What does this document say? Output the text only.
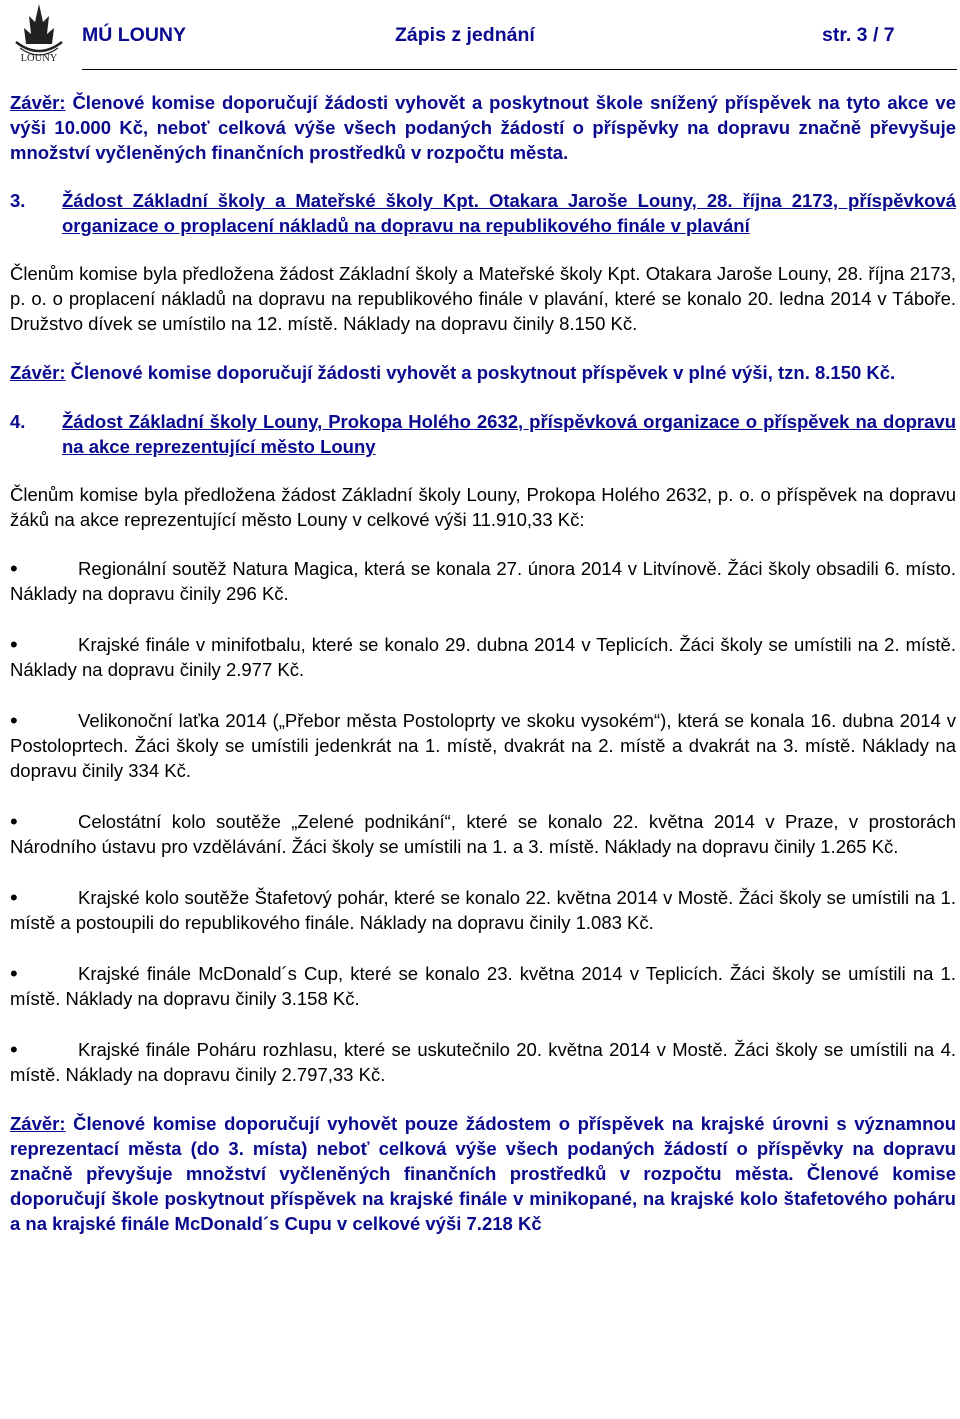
LOUNY
MÚ LOUNY	Zápis z jednání	str. 3 / 7

Závěr: Členové komise doporučují žádosti vyhovět a poskytnout škole snížený příspěvek na tyto akce ve výši 10.000 Kč, neboť celková výše všech podaných žádostí o příspěvky na dopravu značně převyšuje množství vyčleněných finančních prostředků v rozpočtu města.

3.	Žádost Základní školy a Mateřské školy Kpt. Otakara Jaroše Louny, 28. října 2173, příspěvková organizace o proplacení nákladů na dopravu na republikového finále v plavání

Členům komise byla předložena žádost Základní školy a Mateřské školy Kpt. Otakara Jaroše Louny, 28. října 2173, p. o. o proplacení nákladů na dopravu na republikového finále v plavání, které se konalo 20. ledna 2014 v Táboře. Družstvo dívek se umístilo na 12. místě. Náklady na dopravu činily 8.150 Kč.

Závěr: Členové komise doporučují žádosti vyhovět a poskytnout příspěvek v plné výši, tzn. 8.150 Kč.

4.	Žádost Základní školy Louny, Prokopa Holého 2632, příspěvková organizace o příspěvek na dopravu na akce reprezentující město Louny

Členům komise byla předložena žádost Základní školy Louny, Prokopa Holého 2632, p. o. o příspěvek na dopravu žáků na akce reprezentující město Louny v celkové výši 11.910,33 Kč:

• Regionální soutěž Natura Magica, která se konala 27. února 2014 v Litvínově. Žáci školy obsadili 6. místo. Náklady na dopravu činily 296 Kč.
• Krajské finále v minifotbalu, které se konalo 29. dubna 2014 v Teplicích. Žáci školy se umístili na 2. místě. Náklady na dopravu činily 2.977 Kč.
• Velikonoční laťka 2014 („Přebor města Postoloprty ve skoku vysokém“), která se konala 16. dubna 2014 v Postoloprtech. Žáci školy se umístili jedenkrát na 1. místě, dvakrát na 2. místě a dvakrát na 3. místě. Náklady na dopravu činily 334 Kč.
• Celostátní kolo soutěže „Zelené podnikání“, které se konalo 22. května 2014 v Praze, v prostorách Národního ústavu pro vzdělávání. Žáci školy se umístili na 1. a 3. místě. Náklady na dopravu činily 1.265 Kč.
• Krajské kolo soutěže Štafetový pohár, které se konalo 22. května 2014 v Mostě. Žáci školy se umístili na 1. místě a postoupili do republikového finále. Náklady na dopravu činily 1.083 Kč.
• Krajské finále McDonald´s Cup, které se konalo 23. května 2014 v Teplicích. Žáci školy se umístili na 1. místě. Náklady na dopravu činily 3.158 Kč.
• Krajské finále Poháru rozhlasu, které se uskutečnilo 20. května 2014 v Mostě. Žáci školy se umístili na 4. místě. Náklady na dopravu činily 2.797,33 Kč.

Závěr: Členové komise doporučují vyhovět pouze žádostem o příspěvek na krajské úrovni s významnou reprezentací města (do 3. místa) neboť celková výše všech podaných žádostí o příspěvky na dopravu značně převyšuje množství vyčleněných finančních prostředků v rozpočtu města. Členové komise doporučují škole poskytnout příspěvek na krajské finále v minikopané, na krajské kolo štafetového poháru a na krajské finále McDonald´s Cupu v celkové výši 7.218 Kč
